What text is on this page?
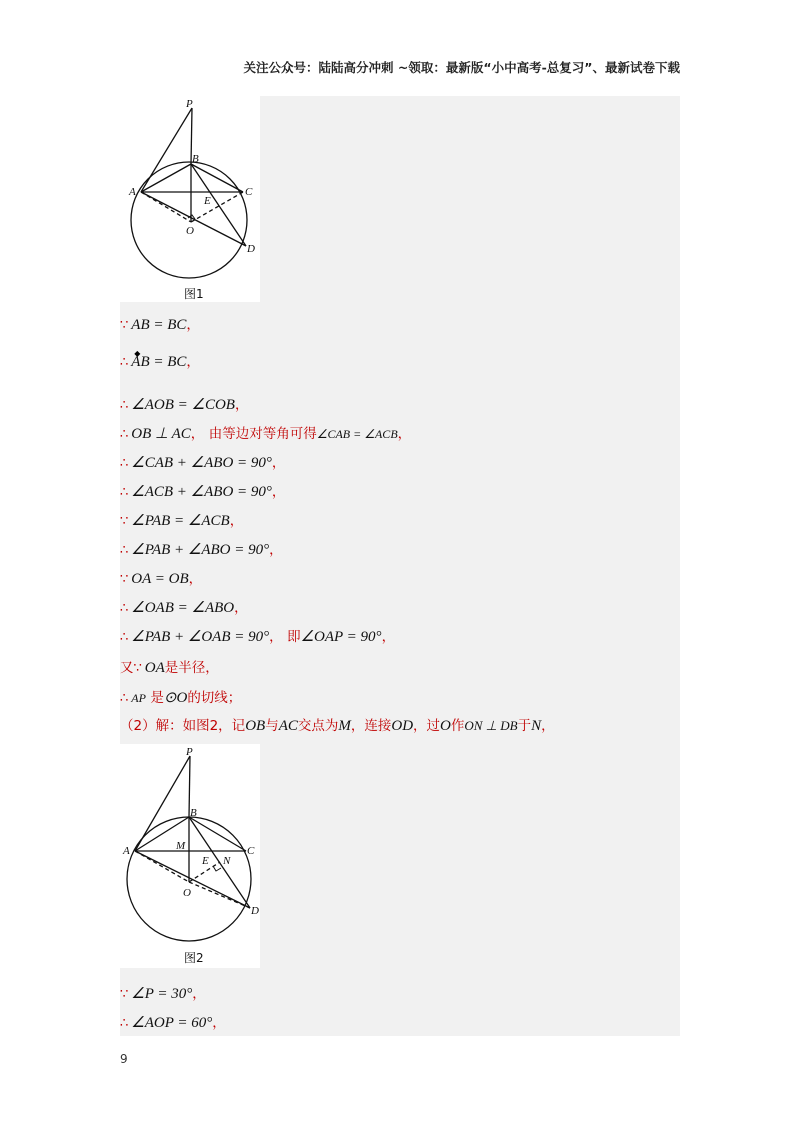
关注公众号：陆陆高分冲刺 ~领取：最新版“小中高考-总复习”、最新试卷下载
P
B
A	C
E
O
D
图1
P
B
A	C
M
E N
O
D
图2
∵ AB = BC，
∴◆ AB = BC，
∴ ∠AOB = ∠COB，
∴ OB ⊥ AC， 由等边对等角可得∠CAB = ∠ACB，
∴ ∠CAB + ∠ABO = 90°，
∴ ∠ACB + ∠ABO = 90°，
∵ ∠PAB = ∠ACB，
∴ ∠PAB + ∠ABO = 90°，
∵ OA = OB，
∴ ∠OAB = ∠ABO，
∴ ∠PAB + ∠OAB = 90°， 即∠OAP = 90°，
又∵ OA是半径，
∴ AP 是⊙O的切线；
（2）解：如图2，记OB与AC交点为M，连接OD，过O作ON ⊥ DB于N，
∵ ∠P = 30°，
∴ ∠AOP = 60°，
9
